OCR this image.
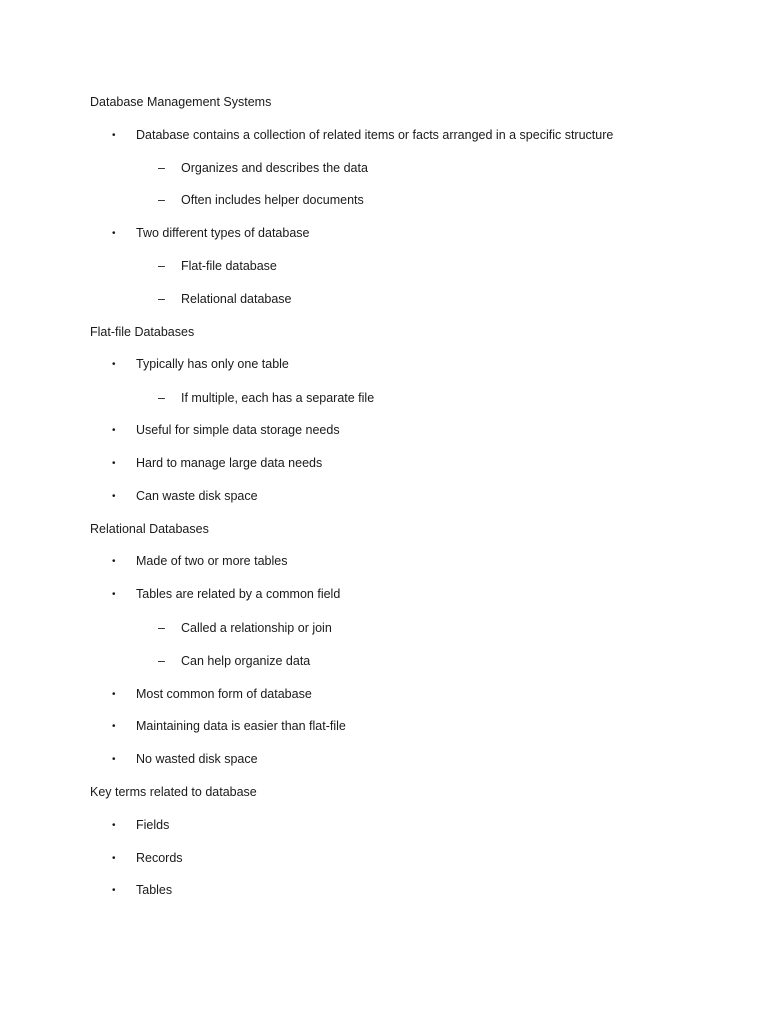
Database Management Systems
• Database contains a collection of related items or facts arranged in a specific structure
– Organizes and describes the data
– Often includes helper documents
• Two different types of database
– Flat-file database
– Relational database
Flat-file Databases
• Typically has only one table
– If multiple, each has a separate file
• Useful for simple data storage needs
• Hard to manage large data needs
• Can waste disk space
Relational Databases
• Made of two or more tables
• Tables are related by a common field
– Called a relationship or join
– Can help organize data
• Most common form of database
• Maintaining data is easier than flat-file
• No wasted disk space
Key terms related to database
• Fields
• Records
• Tables
